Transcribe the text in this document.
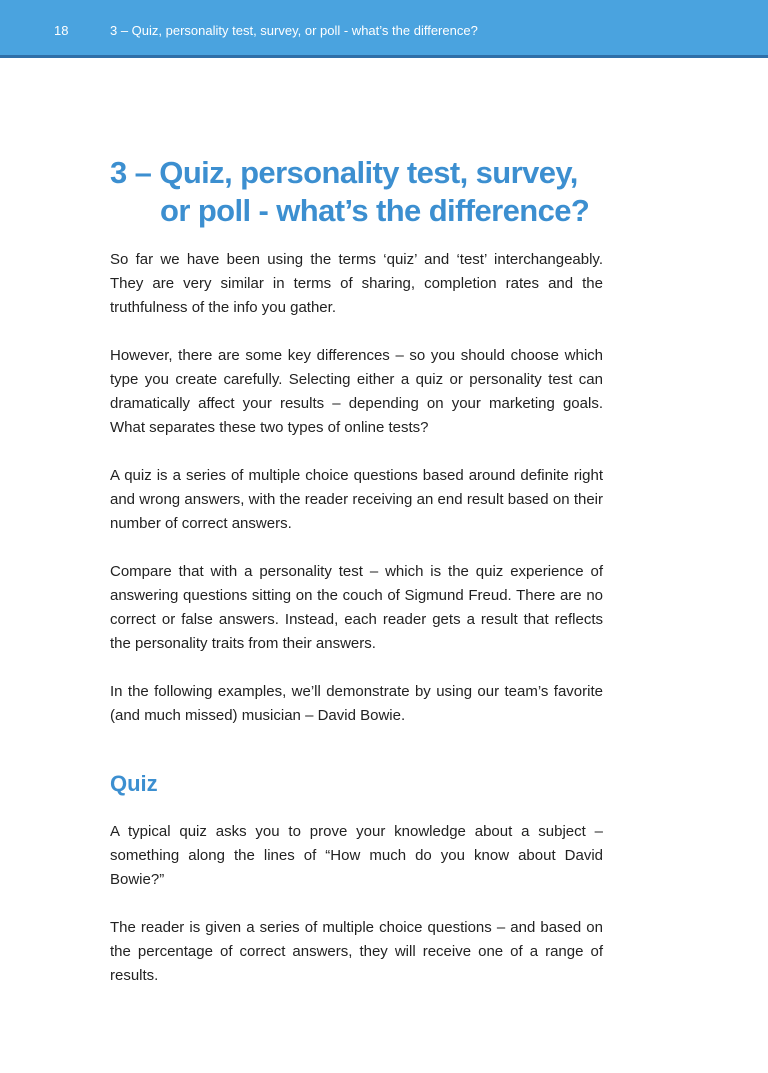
18	3 – Quiz, personality test, survey, or poll - what’s the difference?
3 – Quiz, personality test, survey,
or poll - what’s the difference?

So far we have been using the terms ‘quiz’ and ‘test’ interchangeably. They are very similar in terms of sharing, completion rates and the truthfulness of the info you gather.

However, there are some key differences – so you should choose which type you create carefully. Selecting either a quiz or personality test can dramatically affect your results – depending on your marketing goals. What separates these two types of online tests?

A quiz is a series of multiple choice questions based around definite right and wrong answers, with the reader receiving an end result based on their number of correct answers.

Compare that with a personality test – which is the quiz experience of answering questions sitting on the couch of Sigmund Freud. There are no correct or false answers. Instead, each reader gets a result that reflects the personality traits from their answers.

In the following examples, we’ll demonstrate by using our team’s favorite (and much missed) musician – David Bowie.

Quiz

A typical quiz asks you to prove your knowledge about a subject – something along the lines of “How much do you know about David Bowie?”

The reader is given a series of multiple choice questions – and based on the percentage of correct answers, they will receive one of a range of results.
